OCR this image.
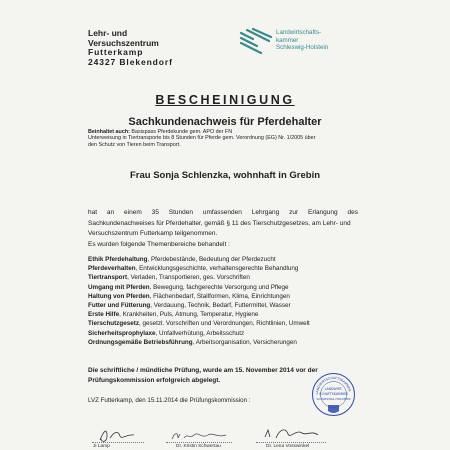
Lehr- und
Versuchszentrum
Futterkamp
24327 Blekendorf
Landwirtschafts-
kammer
Schleswig-Holstein
BESCHEINIGUNG
Sachkundenachweis für Pferdehalter
Beinhaltet auch: Basispass Pferdekunde gem. APO der FN
Unterweisung in Tiertransporte bis 8 Stunden für Pferde gem. Verordnung (EG) Nr. 1/2005 über
den Schutz von Tieren beim Transport.
Frau Sonja Schlenzka, wohnhaft in Grebin
hat an einem 35 Stunden umfassenden Lehrgang zur Erlangung des
Sachkundenachweises für Pferdehalter, gemäß § 11 des Tierschutzgesetzes, am Lehr- und
Versuchszentrum Futterkamp teilgenommen.
Es wurden folgende Themenbereiche behandelt :
Ethik Pferdehaltung, Pferdebestände, Bedeutung der Pferdezucht
Pferdeverhalten, Entwicklungsgeschichte, verhaltensgerechte Behandlung
Tiertransport, Verladen, Transportieren, ges. Vorschriften
Umgang mit Pferden, Bewegung, fachgerechte Versorgung und Pflege
Haltung von Pferden, Flächenbedarf, Stallformen, Klima, Einrichtungen
Futter und Fütterung, Verdauung, Technik, Bedarf, Futtermittel, Wasser
Erste Hilfe, Krankheiten, Puls, Atmung, Temperatur, Hygiene
Tierschutzgesetz, gesetzl. Vorschriften und Verordnungen, Richtlinien, Umwelt
Sicherheitsprophylaxe, Unfallverhütung, Arbeitsschutz
Ordnungsgemäße Betriebsführung, Arbeitsorganisation, Versicherungen
Die schriftliche / mündliche Prüfung, wurde am 15. November 2014 vor der
Prüfungskommission erfolgreich abgelegt.
LVZ Futterkamp, den 15.11.2014 die Prüfungskommission :
LANDWIRTSCHAFTSKAMMER
LANDWIRT-
SCHAFTSKAMMER
SCHLESWIG-HOLSTEIN
Ji Lamp	Dr. Kristin Schwertau	Dr. Lena Vosswinkel
